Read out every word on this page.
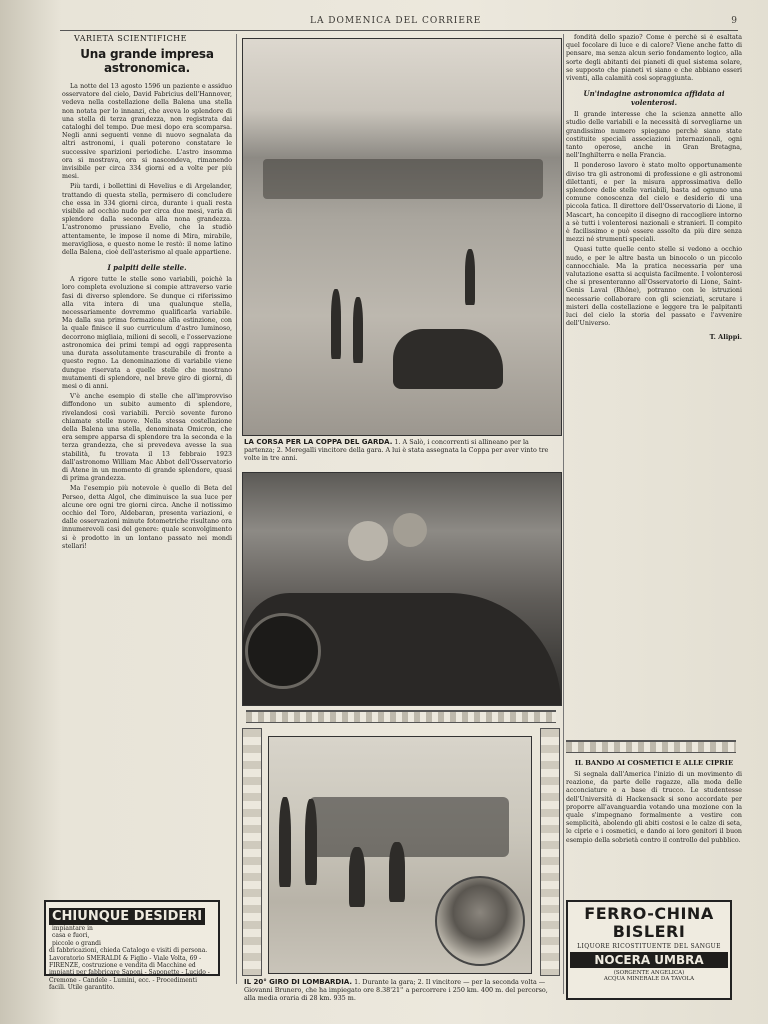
LA DOMENICA DEL CORRIERE	9
VARIETÀ SCIENTIFICHE
Una grande impresa astronomica.

La notte del 13 agosto 1596 un paziente e assiduo osservatore del cielo, David Fabricius dell'Hannover, vedeva nella costellazione della Balena una stella non notata per lo innanzi, che aveva lo splendore di una stella di terza grandezza, non registrata dai cataloghi del tempo. Due mesi dopo era scomparsa. Negli anni seguenti venne di nuovo segnalata da altri astronomi, i quali poterono constatare le successive sparizioni periodiche. L'astro insomma ora si mostrava, ora si nascondeva, rimanendo invisibile per circa 334 giorni ed a volte per più mesi.

Più tardi, i bollettini di Hevelius e di Argelander, trattando di questa stella, permisero di concludere che essa in 334 giorni circa, durante i quali resta visibile ad occhio nudo per circa due mesi, varia di splendore dalla seconda alla nona grandezza. L'astronomo prussiano Evelio, che la studiò attentamente, le impose il nome di Mira, mirabile, meravigliosa, e questo nome le restò: il nome latino della Balena, cioè dell'asterismo al quale appartiene.

I palpiti delle stelle.

A rigore tutte le stelle sono variabili, poichè la loro completa evoluzione si compie attraverso varie fasi di diverso splendore. Se dunque ci riferissimo alla vita intera di una qualunque stella, necessariamente dovremmo qualificarla variabile. Ma dalla sua prima formazione alla estinzione, con la quale finisce il suo curriculum d'astro luminoso, decorrono migliaia, milioni di secoli, e l'osservazione astronomica dei primi tempi ad oggi rappresenta una durata assolutamente trascurabile di fronte a questo regno. La denominazione di variabile viene dunque riservata a quelle stelle che mostrano mutamenti di splendore, nel breve giro di giorni, di mesi o di anni.

V'è anche esempio di stelle che all'improvviso diffondono un subito aumento di splendore, rivelandosi così variabili. Perciò sovente furono chiamate stelle nuove. Nella stessa costellazione della Balena una stella, denominata Omicron, che era sempre apparsa di splendore tra la seconda e la terza grandezza, che si prevedeva avesse la sua stabilità, fu trovata il 13 febbraio 1923 dall'astronomo William Mac Abbot dell'Osservatorio di Atene in un momento di grande splendore, quasi di prima grandezza.

Ma l'esempio più notevole è quello di Beta del Perseo, detta Algol, che diminuisce la sua luce per alcune ore ogni tre giorni circa. Anche il notissimo occhio del Toro, Aldebaran, presenta variazioni, e dalle osservazioni minute fotometriche risultano ora innumerevoli casi del genere: quale sconvolgimento si è prodotto in un lontano passato nei mondi stellari!

LA CORSA PER LA COPPA DEL GARDA. 1. A Salò, i concorrenti si allineano per la partenza; 2. Meregalli vincitore della gara. A lui è stata assegnata la Coppa per aver vinto tre volte in tre anni.
IL 20° GIRO DI LOMBARDIA. 1. Durante la gara; 2. Il vincitore — per la seconda volta — Giovanni Brunero, che ha impiegato ore 8.38'21'' a percorrere i 250 km. 400 m. del percorso, alla media oraria di 28 km. 935 m.

fondità dello spazio? Come è perchè si è esaltata quel focolare di luce e di calore? Viene anche fatto di pensare, ma senza alcun serio fondamento logico, alla sorte degli abitanti dei pianeti di quel sistema solare, se supposto che pianeti vi siano e che abbiano esseri viventi, alla calamità così sopraggiunta.

Un'indagine astronomica affidata ai volenterosi.

Il grande interesse che la scienza annette allo studio delle variabili e la necessità di sorvegliarne un grandissimo numero spiegano perchè siano state costituite speciali associazioni internazionali, ogni tanto operose, anche in Gran Bretagna, nell'Inghilterra e nella Francia.

Il ponderoso lavoro è stato molto opportunamente diviso tra gli astronomi di professione e gli astronomi dilettanti, e per la misura approssimativa dello splendore delle stelle variabili, basta ad ognuno una comune conoscenza del cielo e desiderio di una piccola fatica. Il direttore dell'Osservatorio di Lione, il Mascart, ha concepito il disegno di raccogliere intorno a sè tutti i volenterosi nazionali e stranieri. Il compito è facilissimo e può essere assolto da più dire senza mezzi né strumenti speciali.

Quasi tutte quelle cento stelle si vedono a occhio nudo, e per le altre basta un binocolo o un piccolo cannocchiale. Ma la pratica necessaria per una valutazione esatta si acquista facilmente. I volonterosi che si presenteranno all'Osservatorio di Lione, Saint-Genis Laval (Rhône), potranno con le istruzioni necessarie collaborare con gli scienziati, scrutare i misteri della costellazione e leggere tra le palpitanti luci del cielo la storia del passato e l'avvenire dell'Universo.

T. Alippi.
IL BANDO AI COSMETICI E ALLE CIPRIE

Si segnala dall'America l'inizio di un movimento di reazione, da parte delle ragazze, alla moda delle acconciature e a base di trucco. Le studentesse dell'Università di Hackensack si sono accordate per proporre all'avanguardia votando una mozione con la quale s'impegnano formalmente a vestire con semplicità, abolendo gli abiti costosi e le calze di seta, le ciprie e i cosmetici, e dando ai loro genitori il buon esempio della sobrietà contro il controllo del pubblico.

CHIUNQUE DESIDERI impiantare in casa e fuori, piccole o grandi
di fabbricazioni, chieda Catalogo e visiti di persona. Lavoratorio SMERALDI & Figlio - Viale Volta, 69 - FIRENZE, costruzione e vendita di Macchine ed impianti per fabbricare Saponi - Saponette - Lucido - Cremone - Candele - Lumini, ecc. - Procedimenti facili. Utile garantito.
FERRO-CHINA
BISLERI
LIQUORE RICOSTITUENTE DEL SANGUE
NOCERA UMBRA
(SORGENTE ANGELICA)
ACQUA MINERALE DA TAVOLA
